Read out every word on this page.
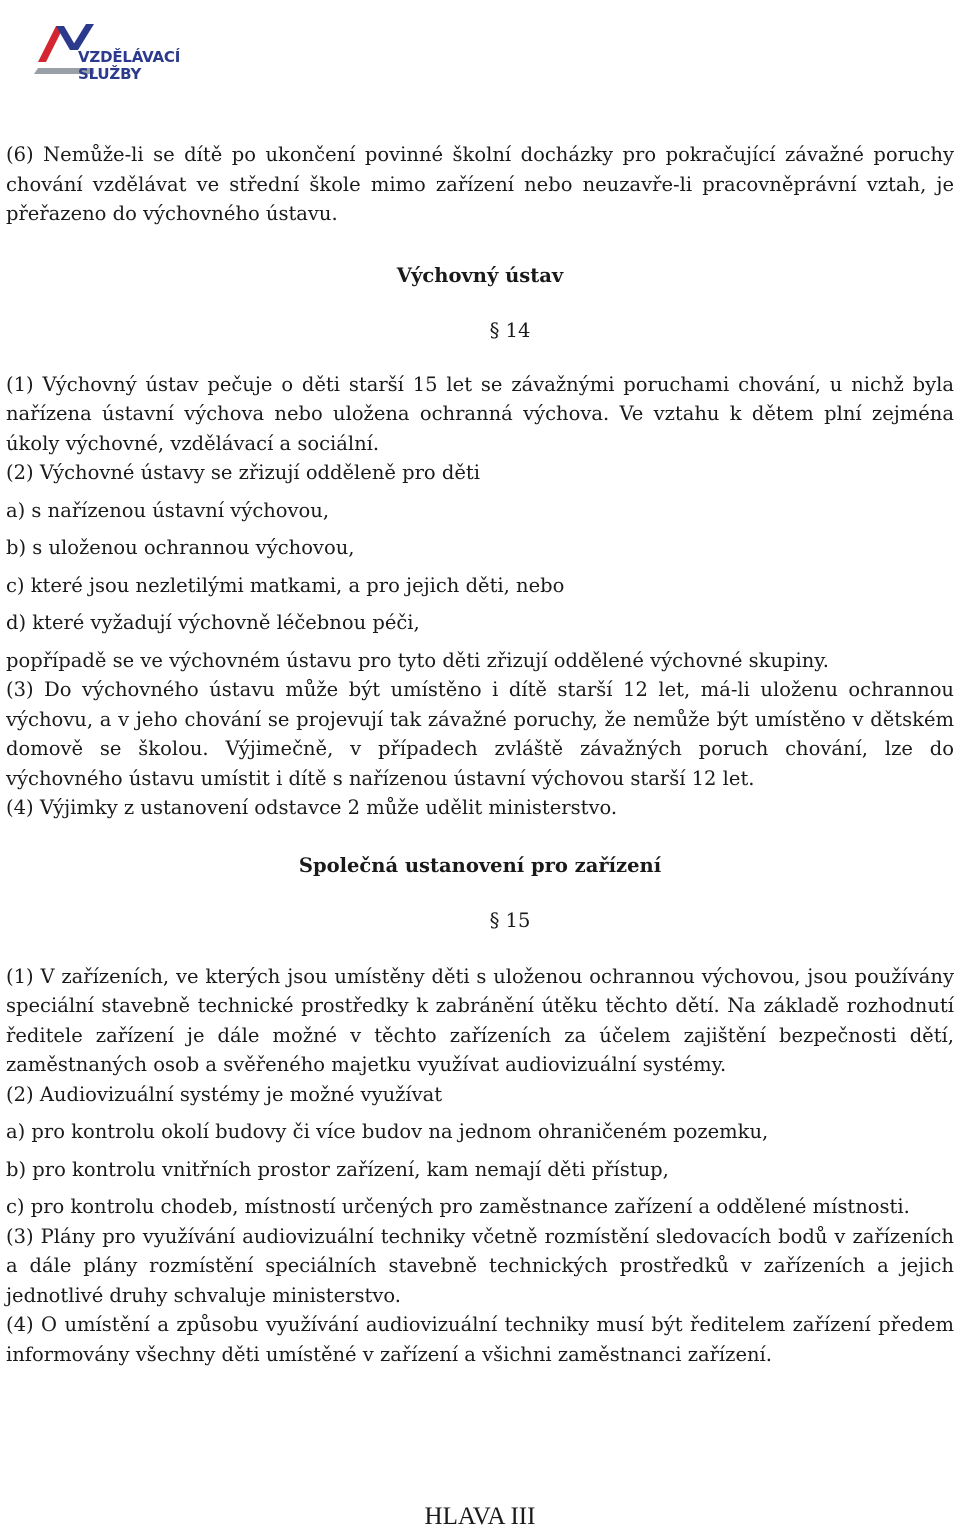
VZDĚLÁVACÍ
SLUŽBY

(6) Nemůže-li se dítě po ukončení povinné školní docházky pro pokračující závažné poruchy chování vzdělávat ve střední škole mimo zařízení nebo neuzavře-li pracovněprávní vztah, je přeřazeno do výchovného ústavu.

Výchovný ústav

§ 14

(1) Výchovný ústav pečuje o děti starší 15 let se závažnými poruchami chování, u nichž byla nařízena ústavní výchova nebo uložena ochranná výchova. Ve vztahu k dětem plní zejména úkoly výchovné, vzdělávací a sociální.

(2) Výchovné ústavy se zřizují odděleně pro děti

a) s nařízenou ústavní výchovou,

b) s uloženou ochrannou výchovou,

c) které jsou nezletilými matkami, a pro jejich děti, nebo

d) které vyžadují výchovně léčebnou péči,

popřípadě se ve výchovném ústavu pro tyto děti zřizují oddělené výchovné skupiny.

(3) Do výchovného ústavu může být umístěno i dítě starší 12 let, má-li uloženu ochrannou výchovu, a v jeho chování se projevují tak závažné poruchy, že nemůže být umístěno v dětském domově se školou. Výjimečně, v případech zvláště závažných poruch chování, lze do výchovného ústavu umístit i dítě s nařízenou ústavní výchovou starší 12 let.

(4) Výjimky z ustanovení odstavce 2 může udělit ministerstvo.

Společná ustanovení pro zařízení

§ 15

(1) V zařízeních, ve kterých jsou umístěny děti s uloženou ochrannou výchovou, jsou používány speciální stavebně technické prostředky k zabránění útěku těchto dětí. Na základě rozhodnutí ředitele zařízení je dále možné v těchto zařízeních za účelem zajištění bezpečnosti dětí, zaměstnaných osob a svěřeného majetku využívat audiovizuální systémy.

(2) Audiovizuální systémy je možné využívat

a) pro kontrolu okolí budovy či více budov na jednom ohraničeném pozemku,

b) pro kontrolu vnitřních prostor zařízení, kam nemají děti přístup,

c) pro kontrolu chodeb, místností určených pro zaměstnance zařízení a oddělené místnosti.

(3) Plány pro využívání audiovizuální techniky včetně rozmístění sledovacích bodů v zařízeních a dále plány rozmístění speciálních stavebně technických prostředků v zařízeních a jejich jednotlivé druhy schvaluje ministerstvo.

(4) O umístění a způsobu využívání audiovizuální techniky musí být ředitelem zařízení předem informovány všechny děti umístěné v zařízení a všichni zaměstnanci zařízení.

HLAVA III
